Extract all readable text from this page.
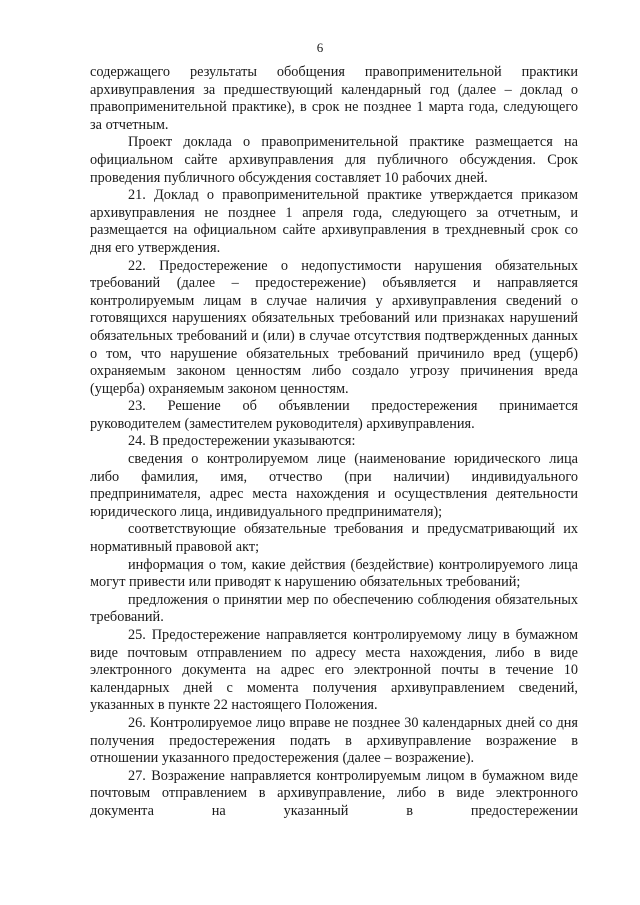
6

содержащего результаты обобщения правоприменительной практики архивуправления за предшествующий календарный год (далее – доклад о правоприменительной практике), в срок не позднее 1 марта года, следующего за отчетным.

Проект доклада о правоприменительной практике размещается на официальном сайте архивуправления для публичного обсуждения. Срок проведения публичного обсуждения составляет 10 рабочих дней.

21. Доклад о правоприменительной практике утверждается приказом архивуправления не позднее 1 апреля года, следующего за отчетным, и размещается на официальном сайте архивуправления в трехдневный срок со дня его утверждения.

22. Предостережение о недопустимости нарушения обязательных требований (далее – предостережение) объявляется и направляется контролируемым лицам в случае наличия у архивуправления сведений о готовящихся нарушениях обязательных требований или признаках нарушений обязательных требований и (или) в случае отсутствия подтвержденных данных о том, что нарушение обязательных требований причинило вред (ущерб) охраняемым законом ценностям либо создало угрозу причинения вреда (ущерба) охраняемым законом ценностям.

23. Решение об объявлении предостережения принимается руководителем (заместителем руководителя) архивуправления.

24. В предостережении указываются:

сведения о контролируемом лице (наименование юридического лица либо фамилия, имя, отчество (при наличии) индивидуального предпринимателя, адрес места нахождения и осуществления деятельности юридического лица, индивидуального предпринимателя);

соответствующие обязательные требования и предусматривающий их нормативный правовой акт;

информация о том, какие действия (бездействие) контролируемого лица могут привести или приводят к нарушению обязательных требований;

предложения о принятии мер по обеспечению соблюдения обязательных требований.

25. Предостережение направляется контролируемому лицу в бумажном виде почтовым отправлением по адресу места нахождения, либо в виде электронного документа на адрес его электронной почты в течение 10 календарных дней с момента получения архивуправлением сведений, указанных в пункте 22 настоящего Положения.

26. Контролируемое лицо вправе не позднее 30 календарных дней со дня получения предостережения подать в архивуправление возражение в отношении указанного предостережения (далее – возражение).

27. Возражение направляется контролируемым лицом в бумажном виде почтовым отправлением в архивуправление, либо в виде электронного документа на указанный в предостережении
